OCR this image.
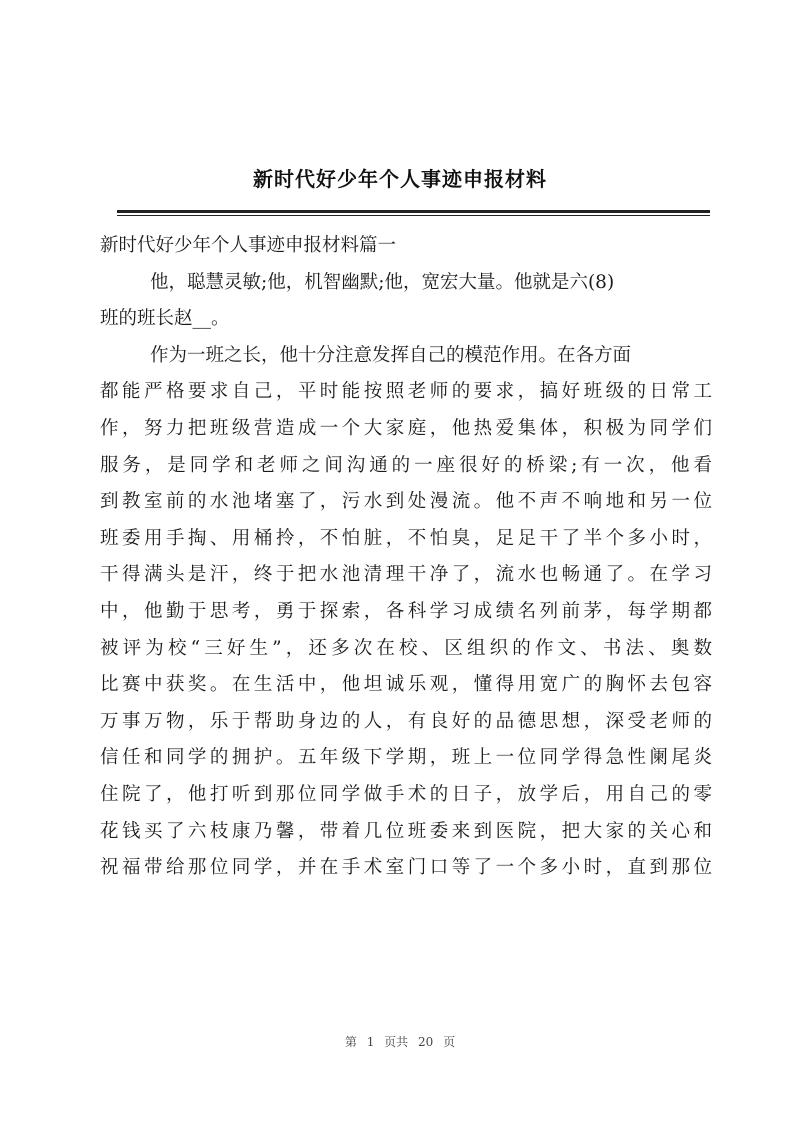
新时代好少年个人事迹申报材料
新时代好少年个人事迹申报材料篇一
他，聪慧灵敏;他，机智幽默;他，宽宏大量。他就是六(8)
班的班长赵__。
作为一班之长，他十分注意发挥自己的模范作用。在各方面
都能严格要求自己，平时能按照老师的要求，搞好班级的日常工
作，努力把班级营造成一个大家庭，他热爱集体，积极为同学们
服务，是同学和老师之间沟通的一座很好的桥梁;有一次，他看
到教室前的水池堵塞了，污水到处漫流。他不声不响地和另一位
班委用手掏、用桶拎，不怕脏，不怕臭，足足干了半个多小时，
干得满头是汗，终于把水池清理干净了，流水也畅通了。在学习
中，他勤于思考，勇于探索，各科学习成绩名列前茅，每学期都
被评为校“三好生”，还多次在校、区组织的作文、书法、奥数
比赛中获奖。在生活中，他坦诚乐观，懂得用宽广的胸怀去包容
万事万物，乐于帮助身边的人，有良好的品德思想，深受老师的
信任和同学的拥护。五年级下学期，班上一位同学得急性阑尾炎
住院了，他打听到那位同学做手术的日子，放学后，用自己的零
花钱买了六枝康乃馨，带着几位班委来到医院，把大家的关心和
祝福带给那位同学，并在手术室门口等了一个多小时，直到那位
第 1 页共 20 页
